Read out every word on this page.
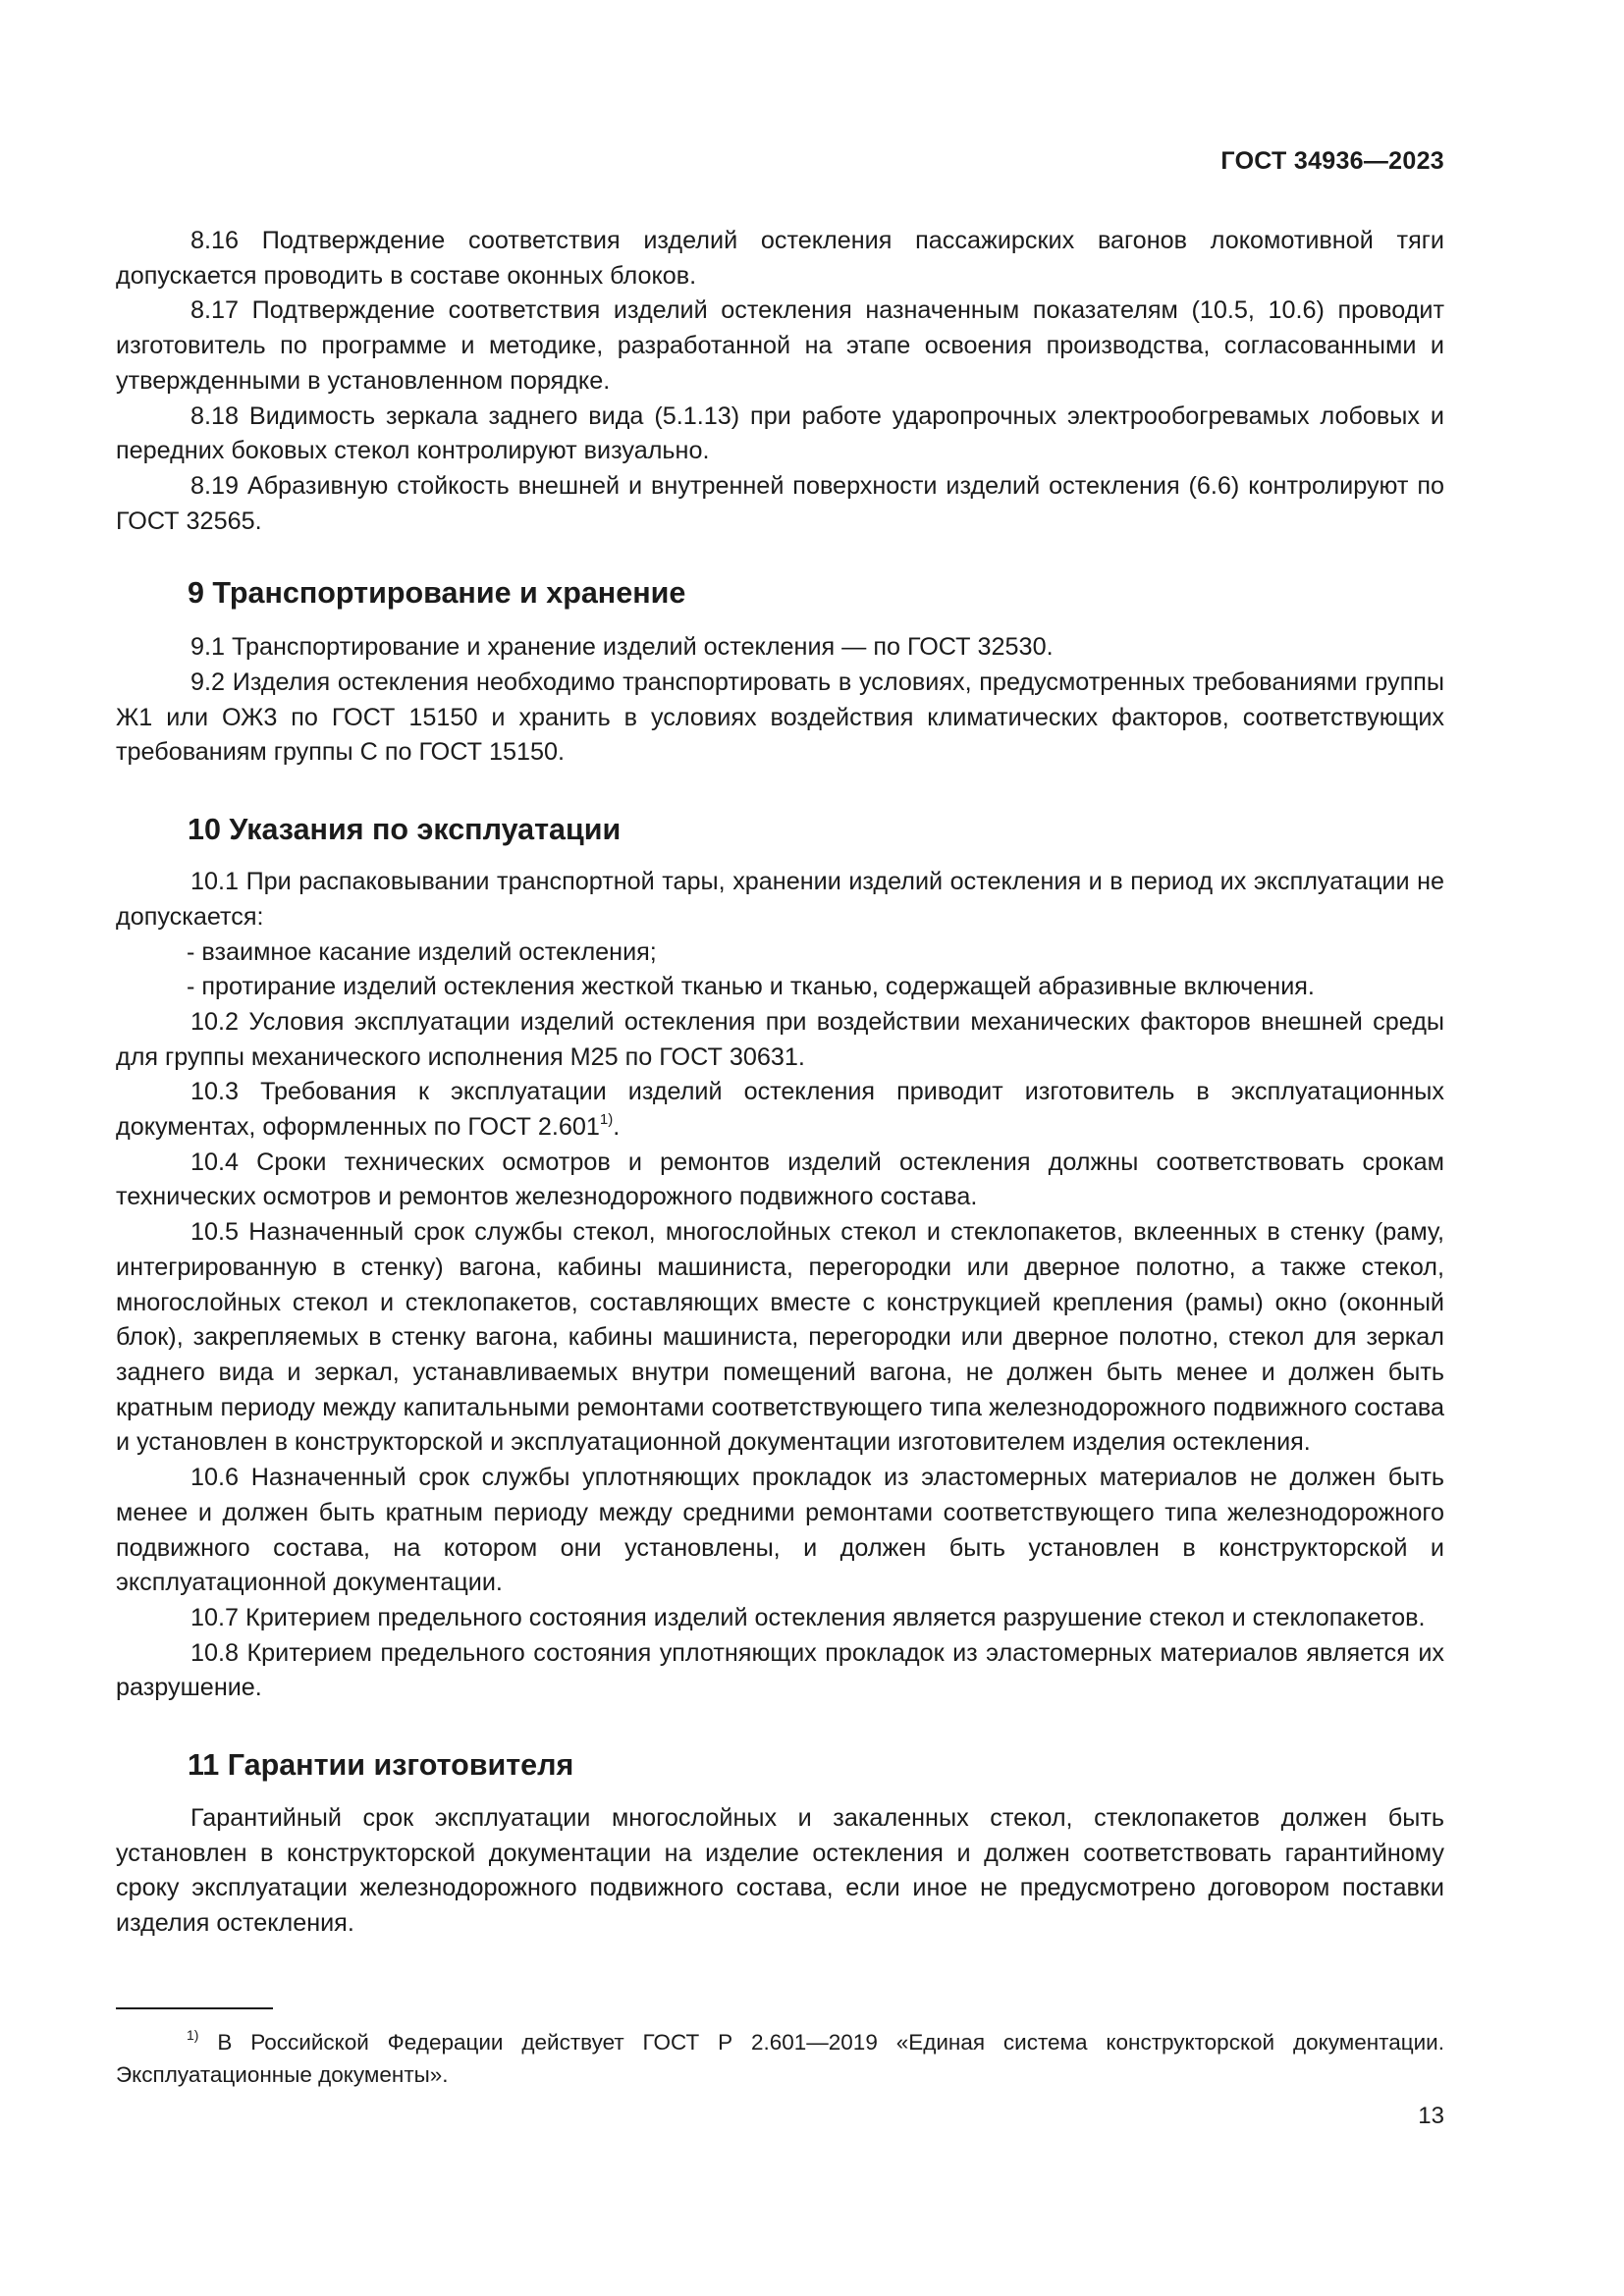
ГОСТ 34936—2023

8.16 Подтверждение соответствия изделий остекления пассажирских вагонов локомотивной тяги допускается проводить в составе оконных блоков.

8.17 Подтверждение соответствия изделий остекления назначенным показателям (10.5, 10.6) проводит изготовитель по программе и методике, разработанной на этапе освоения производства, согласованными и утвержденными в установленном порядке.

8.18 Видимость зеркала заднего вида (5.1.13) при работе ударопрочных электрообогревамых лобовых и передних боковых стекол контролируют визуально.

8.19 Абразивную стойкость внешней и внутренней поверхности изделий остекления (6.6) контролируют по ГОСТ 32565.

9 Транспортирование и хранение

9.1 Транспортирование и хранение изделий остекления — по ГОСТ 32530.

9.2 Изделия остекления необходимо транспортировать в условиях, предусмотренных требованиями группы Ж1 или ОЖ3 по ГОСТ 15150 и хранить в условиях воздействия климатических факторов, соответствующих требованиям группы С по ГОСТ 15150.

10 Указания по эксплуатации

10.1 При распаковывании транспортной тары, хранении изделий остекления и в период их эксплуатации не допускается:

- взаимное касание изделий остекления;

- протирание изделий остекления жесткой тканью и тканью, содержащей абразивные включения.

10.2 Условия эксплуатации изделий остекления при воздействии механических факторов внешней среды для группы механического исполнения М25 по ГОСТ 30631.

10.3 Требования к эксплуатации изделий остекления приводит изготовитель в эксплуатационных документах, оформленных по ГОСТ 2.601$^{1)}$.

10.4 Сроки технических осмотров и ремонтов изделий остекления должны соответствовать срокам технических осмотров и ремонтов железнодорожного подвижного состава.

10.5 Назначенный срок службы стекол, многослойных стекол и стеклопакетов, вклеенных в стенку (раму, интегрированную в стенку) вагона, кабины машиниста, перегородки или дверное полотно, а также стекол, многослойных стекол и стеклопакетов, составляющих вместе с конструкцией крепления (рамы) окно (оконный блок), закрепляемых в стенку вагона, кабины машиниста, перегородки или дверное полотно, стекол для зеркал заднего вида и зеркал, устанавливаемых внутри помещений вагона, не должен быть менее и должен быть кратным периоду между капитальными ремонтами соответствующего типа железнодорожного подвижного состава и установлен в конструкторской и эксплуатационной документации изготовителем изделия остекления.

10.6 Назначенный срок службы уплотняющих прокладок из эластомерных материалов не должен быть менее и должен быть кратным периоду между средними ремонтами соответствующего типа железнодорожного подвижного состава, на котором они установлены, и должен быть установлен в конструкторской и эксплуатационной документации.

10.7 Критерием предельного состояния изделий остекления является разрушение стекол и стеклопакетов.

10.8 Критерием предельного состояния уплотняющих прокладок из эластомерных материалов является их разрушение.

11 Гарантии изготовителя

Гарантийный срок эксплуатации многослойных и закаленных стекол, стеклопакетов должен быть установлен в конструкторской документации на изделие остекления и должен соответствовать гарантийному сроку эксплуатации железнодорожного подвижного состава, если иное не предусмотрено договором поставки изделия остекления.

$^{1)}$ В Российской Федерации действует ГОСТ Р 2.601—2019 «Единая система конструкторской документации. Эксплуатационные документы».

13
